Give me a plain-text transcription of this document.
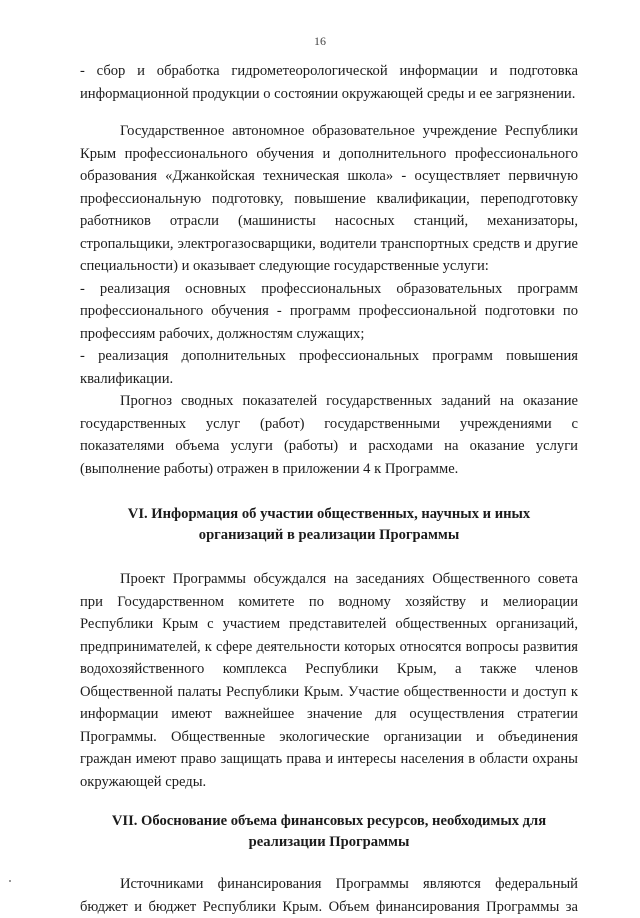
16

- сбор и обработка гидрометеорологической информации и подготовка информационной продукции о состоянии окружающей среды и ее загрязнении.

Государственное автономное образовательное учреждение Республики Крым профессионального обучения и дополнительного профессионального образования «Джанкойская техническая школа» - осуществляет первичную профессиональную подготовку, повышение квалификации, переподготовку работников отрасли (машинисты насосных станций, механизаторы, стропальщики, электрогазосварщики, водители транспортных средств и другие специальности) и оказывает следующие государственные услуги:

- реализация основных профессиональных образовательных программ профессионального обучения - программ профессиональной подготовки по профессиям рабочих, должностям служащих;

- реализация дополнительных профессиональных программ повышения квалификации.

Прогноз сводных показателей государственных заданий на оказание государственных услуг (работ) государственными учреждениями с показателями объема услуги (работы) и расходами на оказание услуги (выполнение работы) отражен в приложении 4 к Программе.

VI. Информация об участии общественных, научных и иных

организаций в реализации Программы

Проект Программы обсуждался на заседаниях Общественного совета при Государственном комитете по водному хозяйству и мелиорации Республики Крым с участием представителей общественных организаций, предпринимателей, к сфере деятельности которых относятся вопросы развития водохозяйственного комплекса Республики Крым, а также членов Общественной палаты Республики Крым. Участие общественности и доступ к информации имеют важнейшее значение для осуществления стратегии Программы. Общественные экологические организации и объединения граждан имеют право защищать права и интересы населения в области охраны окружающей среды.

VII. Обоснование объема финансовых ресурсов, необходимых для

реализации Программы

Источниками финансирования Программы являются федеральный бюджет и бюджет Республики Крым. Объем финансирования Программы за
